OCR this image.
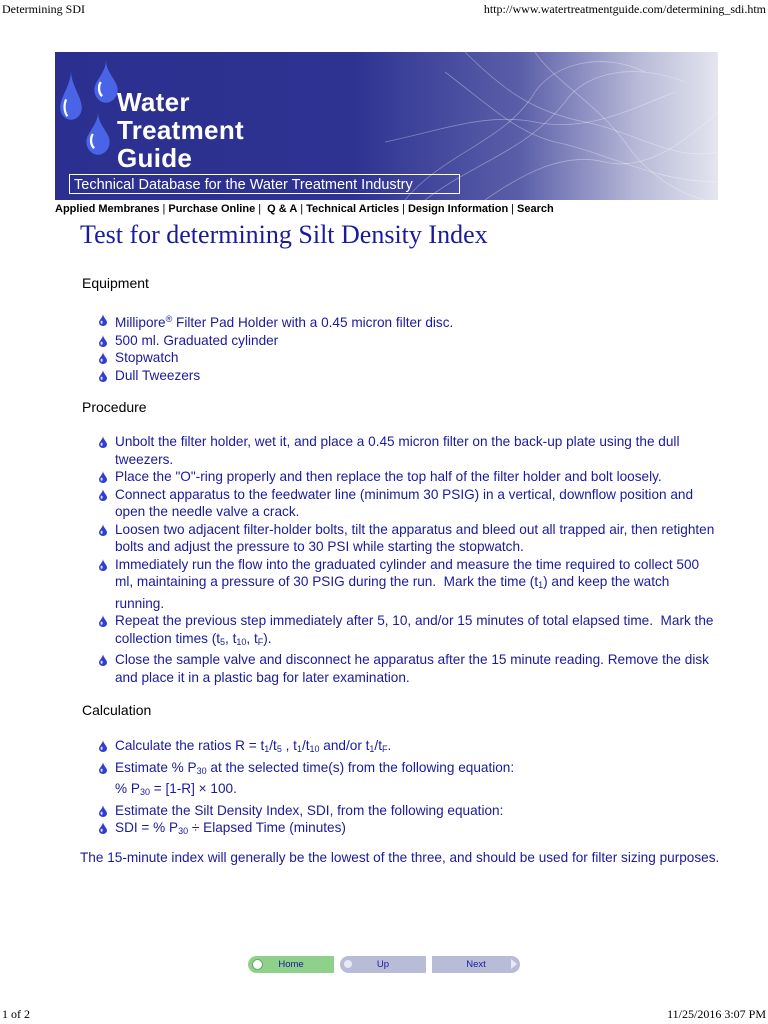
Determining SDI	http://www.watertreatmentguide.com/determining_sdi.htm
Water
Treatment
Guide
Technical Database for the Water Treatment Industry
Applied Membranes | Purchase Online | Q & A | Technical Articles | Design Information | Search
Test for determining Silt Density Index
Equipment
Millipore® Filter Pad Holder with a 0.45 micron filter disc.
500 ml. Graduated cylinder
Stopwatch
Dull Tweezers
Procedure
Unbolt the filter holder, wet it, and place a 0.45 micron filter on the back-up plate using the dull tweezers.
Place the "O"-ring properly and then replace the top half of the filter holder and bolt loosely.
Connect apparatus to the feedwater line (minimum 30 PSIG) in a vertical, downflow position and open the needle valve a crack.
Loosen two adjacent filter-holder bolts, tilt the apparatus and bleed out all trapped air, then retighten bolts and adjust the pressure to 30 PSI while starting the stopwatch.
Immediately run the flow into the graduated cylinder and measure the time required to collect 500 ml, maintaining a pressure of 30 PSIG during the run.  Mark the time $(t_1)$ and keep the watch running.
Repeat the previous step immediately after 5, 10, and/or 15 minutes of total elapsed time.  Mark the collection times ($t_5$, $t_{10}$, $t_F$).
Close the sample valve and disconnect he apparatus after the 15 minute reading. Remove the disk and place it in a plastic bag for later examination.
Calculation
Calculate the ratios $R = t_1/t_5$ , $t_1/t_{10}$ and/or $t_1/t_F$.
Estimate % $P_{30}$ at the selected time(s) from the following equation:
% $P_{30} = [1-R] \times 100$.
Estimate the Silt Density Index, SDI, from the following equation:
SDI = % $P_{30}$ ÷ Elapsed Time (minutes)
The 15-minute index will generally be the lowest of the three, and should be used for filter sizing purposes.
Home	Up	Next
1 of 2	11/25/2016 3:07 PM
